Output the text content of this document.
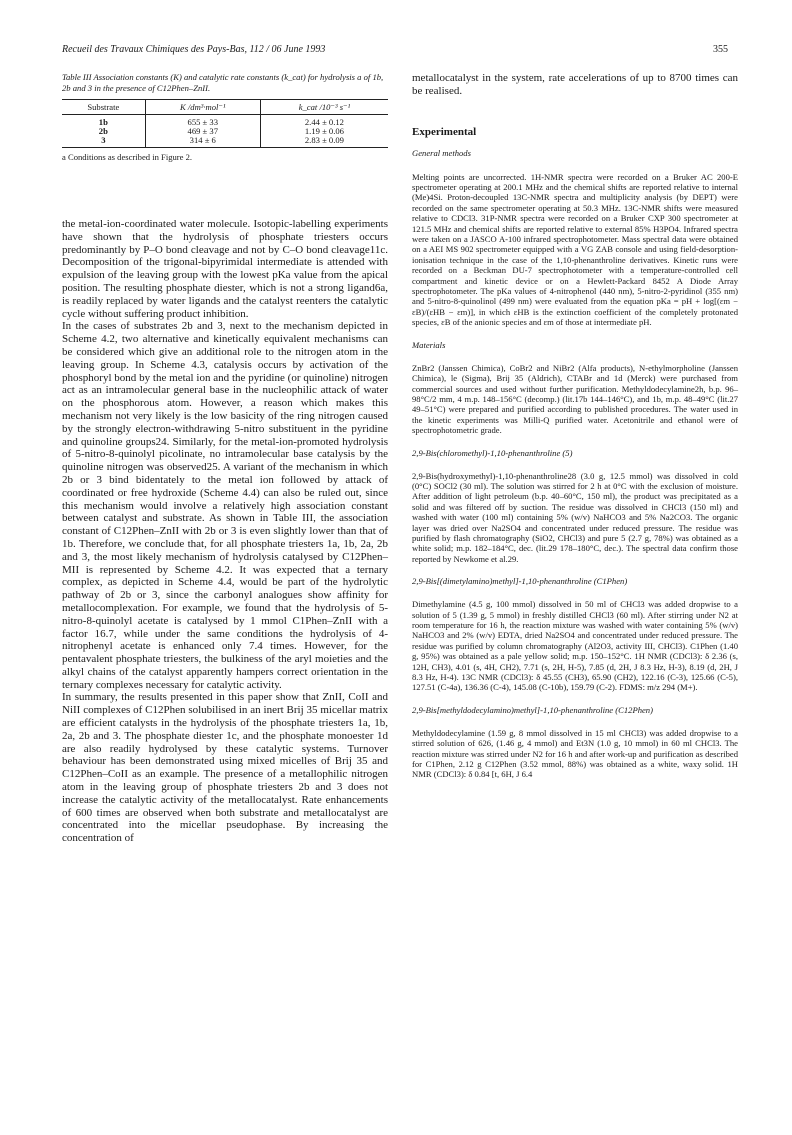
Recueil des Travaux Chimiques des Pays-Bas, 112 / 06 June 1993	355

Table III Association constants (K) and catalytic rate constants (k_cat) for hydrolysis a of 1b, 2b and 3 in the presence of C12Phen–ZnII.

Substrate	K /dm³·mol⁻¹	k_cat /10⁻³ s⁻¹
1b	655 ± 33	2.44 ± 0.12
2b	469 ± 37	1.19 ± 0.06
3	314 ± 6	2.83 ± 0.09
a Conditions as described in Figure 2.

the metal-ion-coordinated water molecule. Isotopic-labelling experiments have shown that the hydrolysis of phosphate triesters occurs predominantly by P–O bond cleavage and not by C–O bond cleavage11c. Decomposition of the trigonal-bipyrimidal intermediate is attended with expulsion of the leaving group with the lowest pKa value from the apical position. The resulting phosphate diester, which is not a strong ligand6a, is readily replaced by water ligands and the catalyst reenters the catalytic cycle without suffering product inhibition.

In the cases of substrates 2b and 3, next to the mechanism depicted in Scheme 4.2, two alternative and kinetically equivalent mechanisms can be considered which give an additional role to the nitrogen atom in the leaving group. In Scheme 4.3, catalysis occurs by activation of the phosphoryl bond by the metal ion and the pyridine (or quinoline) nitrogen act as an intramolecular general base in the nucleophilic attack of water on the phosphorous atom. However, a reason which makes this mechanism not very likely is the low basicity of the ring nitrogen caused by the strongly electron-withdrawing 5-nitro substituent in the pyridine and quinoline groups24. Similarly, for the metal-ion-promoted hydrolysis of 5-nitro-8-quinolyl picolinate, no intramolecular base catalysis by the quinoline nitrogen was observed25. A variant of the mechanism in which 2b or 3 bind bidentately to the metal ion followed by attack of coordinated or free hydroxide (Scheme 4.4) can also be ruled out, since this mechanism would involve a relatively high association constant between catalyst and substrate. As shown in Table III, the association constant of C12Phen–ZnII with 2b or 3 is even slightly lower than that of 1b. Therefore, we conclude that, for all phosphate triesters 1a, 1b, 2a, 2b and 3, the most likely mechanism of hydrolysis catalysed by C12Phen–MII is represented by Scheme 4.2. It was expected that a ternary complex, as depicted in Scheme 4.4, would be part of the hydrolytic pathway of 2b or 3, since the carbonyl analogues show affinity for metallocomplexation. For example, we found that the hydrolysis of 5-nitro-8-quinolyl acetate is catalysed by 1 mmol C1Phen–ZnII with a factor 16.7, while under the same conditions the hydrolysis of 4-nitrophenyl acetate is enhanced only 7.4 times. However, for the pentavalent phosphate triesters, the bulkiness of the aryl moieties and the alkyl chains of the catalyst apparently hampers correct orientation in the ternary complexes necessary for catalytic activity.

In summary, the results presented in this paper show that ZnII, CoII and NiII complexes of C12Phen solubilised in an inert Brij 35 micellar matrix are efficient catalysts in the hydrolysis of the phosphate triesters 1a, 1b, 2a, 2b and 3. The phosphate diester 1c, and the phosphate monoester 1d are also readily hydrolysed by these catalytic systems. Turnover behaviour has been demonstrated using mixed micelles of Brij 35 and C12Phen–CoII as an example. The presence of a metallophilic nitrogen atom in the leaving group of phosphate triesters 2b and 3 does not increase the catalytic activity of the metallocatalyst. Rate enhancements of 600 times are observed when both substrate and metallocatalyst are concentrated into the micellar pseudophase. By increasing the concentration of

metallocatalyst in the system, rate accelerations of up to 8700 times can be realised.

Experimental
General methods

Melting points are uncorrected. 1H-NMR spectra were recorded on a Bruker AC 200-E spectrometer operating at 200.1 MHz and the chemical shifts are reported relative to internal (Me)4Si. Proton-decoupled 13C-NMR spectra and multiplicity analysis (by DEPT) were recorded on the same spectrometer operating at 50.3 MHz. 13C-NMR shifts were measured relative to CDCl3. 31P-NMR spectra were recorded on a Bruker CXP 300 spectrometer at 121.5 MHz and chemical shifts are reported relative to external 85% H3PO4. Infrared spectra were taken on a JASCO A-100 infrared spectrophotometer. Mass spectral data were obtained on a AEI MS 902 spectrometer equipped with a VG ZAB console and using field-desorption-ionisation technique in the case of the 1,10-phenanthroline derivatives. Kinetic runs were recorded on a Beckman DU-7 spectrophotometer with a temperature-controlled cell compartment and kinetic device or on a Hewlett-Packard 8452 A Diode Array spectrophotometer. The pKa values of 4-nitrophenol (440 nm), 5-nitro-2-pyridinol (355 nm) and 5-nitro-8-quinolinol (499 nm) were evaluated from the equation pKa = pH + log[(εm − εB)/(εHB − εm)], in which εHB is the extinction coefficient of the completely protonated species, εB of the anionic species and εm of those at intermediate pH.

Materials

ZnBr2 (Janssen Chimica), CoBr2 and NiBr2 (Alfa products), N-ethylmorpholine (Janssen Chimica), le (Sigma), Brij 35 (Aldrich), CTABr and 1d (Merck) were purchased from commercial sources and used without further purification. Methyldodecylamine2h, b.p. 96–98°C/2 mm, 4 m.p. 148–156°C (decomp.) (lit.17b 144–146°C), and 1b, m.p. 48–49°C (lit.27 49–51°C) were prepared and purified according to published procedures. The water used in the kinetic experiments was Milli-Q purified water. Acetonitrile and ethanol were of spectrophotometric grade.

2,9-Bis(chloromethyl)-1,10-phenanthroline (5)

2,9-Bis(hydroxymethyl)-1,10-phenanthroline28 (3.0 g, 12.5 mmol) was dissolved in cold (0°C) SOCl2 (30 ml). The solution was stirred for 2 h at 0°C with the exclusion of moisture. After addition of light petroleum (b.p. 40–60°C, 150 ml), the product was precipitated as a solid and was filtered off by suction. The residue was dissolved in CHCl3 (150 ml) and washed with water (100 ml) containing 5% (w/v) NaHCO3 and 5% Na2CO3. The organic layer was dried over Na2SO4 and concentrated under reduced pressure. The residue was purified by flash chromatography (SiO2, CHCl3) and pure 5 (2.7 g, 78%) was obtained as a white solid; m.p. 182–184°C, dec. (lit.29 178–180°C, dec.). The spectral data confirm those reported by Newkome et al.29.

2,9-Bis[(dimetylamino)methyl]-1,10-phenanthroline (C1Phen)

Dimethylamine (4.5 g, 100 mmol) dissolved in 50 ml of CHCl3 was added dropwise to a solution of 5 (1.39 g, 5 mmol) in freshly distilled CHCl3 (60 ml). After stirring under N2 at room temperature for 16 h, the reaction mixture was washed with water containing 5% (w/v) NaHCO3 and 2% (w/v) EDTA, dried Na2SO4 and concentrated under reduced pressure. The residue was purified by column chromatography (Al2O3, activity III, CHCl3). C1Phen (1.40 g, 95%) was obtained as a pale yellow solid; m.p. 150–152°C. 1H NMR (CDCl3): δ 2.36 (s, 12H, CH3), 4.01 (s, 4H, CH2), 7.71 (s, 2H, H-5), 7.85 (d, 2H, J 8.3 Hz, H-3), 8.19 (d, 2H, J 8.3 Hz, H-4). 13C NMR (CDCl3): δ 45.55 (CH3), 65.90 (CH2), 122.16 (C-3), 125.66 (C-5), 127.51 (C-4a), 136.36 (C-4), 145.08 (C-10b), 159.79 (C-2). FDMS: m/z 294 (M+).

2,9-Bis[methyldodecylamino)methyl]-1,10-phenanthroline (C12Phen)

Methyldodecylamine (1.59 g, 8 mmol dissolved in 15 ml CHCl3) was added dropwise to a stirred solution of 626, (1.46 g, 4 mmol) and Et3N (1.0 g, 10 mmol) in 60 ml CHCl3. The reaction mixture was stirred under N2 for 16 h and after work-up and purification as described for C1Phen, 2.12 g C12Phen (3.52 mmol, 88%) was obtained as a white, waxy solid. 1H NMR (CDCl3): δ 0.84 [t, 6H, J 6.4
